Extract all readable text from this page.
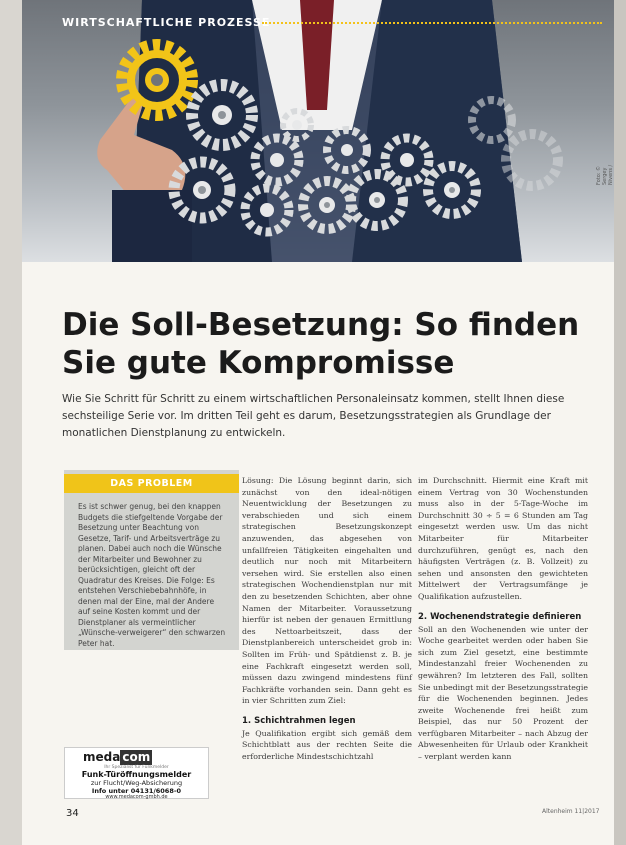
WIRTSCHAFTLICHE PROZESSE
Foto: © Sergey Nivens /
Die Soll-Besetzung: So finden Sie gute Kompromisse
Wie Sie Schritt für Schritt zu einem wirtschaftlichen Personaleinsatz kommen, stellt Ihnen diese sechsteilige Serie vor. Im dritten Teil geht es darum, Besetzungsstrategien als Grundlage der monatlichen Dienstplanung zu entwickeln.
DAS PROBLEM
Es ist schwer genug, bei den knappen Budgets die stiefgeltende Vorgabe der Besetzung unter Beachtung von Gesetze, Tarif- und Arbeitsverträge zu planen. Dabei auch noch die Wünsche der Mitarbeiter und Bewohner zu berücksichtigen, gleicht oft der Quadratur des Kreises. Die Folge: Es entstehen Verschiebebahnhöfe, in denen mal der Eine, mal der Andere auf seine Kosten kommt und der Dienstplaner als vermeintlicher „Wünsche-verweigerer“ den schwarzen Peter hat.
meda com
Ihr Spezialist für Funkmelder
Funk-Türöffnungsmelder
zur Flucht/Weg-Absicherung
Info unter 04131/6068-0
www.medacom-gmbh.de

Lösung: Die Lösung beginnt darin, sich zunächst von den ideal-nötigen Neuentwicklung der Besetzungen zu verabschieden und sich einem strategischen Besetzungskonzept anzuwenden, das abgesehen von unfallfreien Tätigkeiten eingehalten und deutlich nur noch mit Mitarbeitern versehen wird. Sie erstellen also einen strategischen Wochendienstplan nur mit den zu besetzenden Schichten, aber ohne Namen der Mitarbeiter. Voraussetzung hierfür ist neben der genauen Ermittlung des Nettoarbeitszeit, dass der Dienstplanbereich unterscheidet grob in: Sollten im Früh- und Spätdienst z. B. je eine Fachkraft eingesetzt werden soll, müssen dazu zwingend mindestens fünf Fachkräfte vorhanden sein. Dann geht es in vier Schritten zum Ziel:

1. Schichtrahmen legen

Je Qualifikation ergibt sich gemäß dem Schichtblatt aus der rechten Seite die erforderliche Mindestschichtzahl

im Durchschnitt. Hiermit eine Kraft mit einem Vertrag von 30 Wochenstunden muss also in der 5-Tage-Woche im Durchschnitt 30 ÷ 5 = 6 Stunden am Tag eingesetzt werden usw. Um das nicht Mitarbeiter für Mitarbeiter durchzuführen, genügt es, nach den häufigsten Verträgen (z. B. Vollzeit) zu sehen und ansonsten den gewichteten Mittelwert der Vertragsumfänge je Qualifikation aufzustellen.

2. Wochenendstrategie definieren

Soll an den Wochenenden wie unter der Woche gearbeitet werden oder haben Sie sich zum Ziel gesetzt, eine bestimmte Mindestanzahl freier Wochenenden zu gewähren? Im letzteren des Fall, sollten Sie unbedingt mit der Besetzungsstrategie für die Wochenenden beginnen. Jedes zweite Wochenende frei heißt zum Beispiel, das nur 50 Prozent der verfügbaren Mitarbeiter – nach Abzug der Abwesenheiten für Urlaub oder Krankheit – verplant werden kann

34	Altenheim 11|2017
